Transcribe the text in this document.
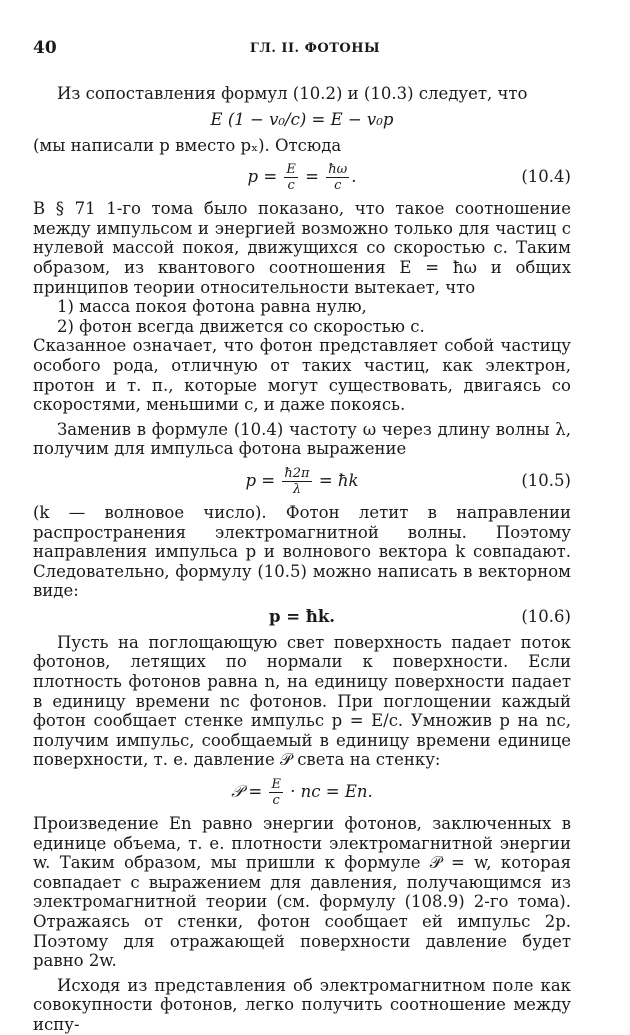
40	ГЛ. II. ФОТОНЫ

Из сопоставления формул (10.2) и (10.3) следует, что

E (1 − v₀/c) = E − v₀p

(мы написали p вместо pₓ). Отсюда

$p = \frac{E}{c} = \frac{ħ\omega}{c}$ .	(10.4)

В § 71 1-го тома было показано, что такое соотношение между импульсом и энергией возможно только для частиц с нулевой массой покоя, движущихся со скоростью c. Таким образом, из квантового соотношения E = ħω и общих принципов теории относительности вытекает, что

1) масса покоя фотона равна нулю,

2) фотон всегда движется со скоростью c.

Сказанное означает, что фотон представляет собой частицу особого рода, отличную от таких частиц, как электрон, протон и т. п., которые могут существовать, двигаясь со скоростями, меньшими c, и даже покоясь.

Заменив в формуле (10.4) частоту ω через длину волны λ, получим для импульса фотона выражение

$p = \frac{ħ2\pi}{\lambda}$ = ħk	(10.5)

(k — волновое число). Фотон летит в направлении распространения электромагнитной волны. Поэтому направления импульса p и волнового вектора k совпадают. Следовательно, формулу (10.5) можно написать в векторном виде:

p = ħk.	(10.6)

Пусть на поглощающую свет поверхность падает поток фотонов, летящих по нормали к поверхности. Если плотность фотонов равна n, на единицу поверхности падает в единицу времени nc фотонов. При поглощении каждый фотон сообщает стенке импульс p = E/c. Умножив p на nc, получим импульс, сообщаемый в единицу времени единице поверхности, т. е. давление 𝒫 света на стенку:

𝒫 = $\frac{E}{c}$ · nc = En.

Произведение En равно энергии фотонов, заключенных в единице объема, т. е. плотности электромагнитной энергии w. Таким образом, мы пришли к формуле 𝒫 = w, которая совпадает с выражением для давления, получающимся из электромагнитной теории (см. формулу (108.9) 2-го тома). Отражаясь от стенки, фотон сообщает ей импульс 2p. Поэтому для отражающей поверхности давление будет равно 2w.

Исходя из представления об электромагнитном поле как совокупности фотонов, легко получить соотношение между испу-
